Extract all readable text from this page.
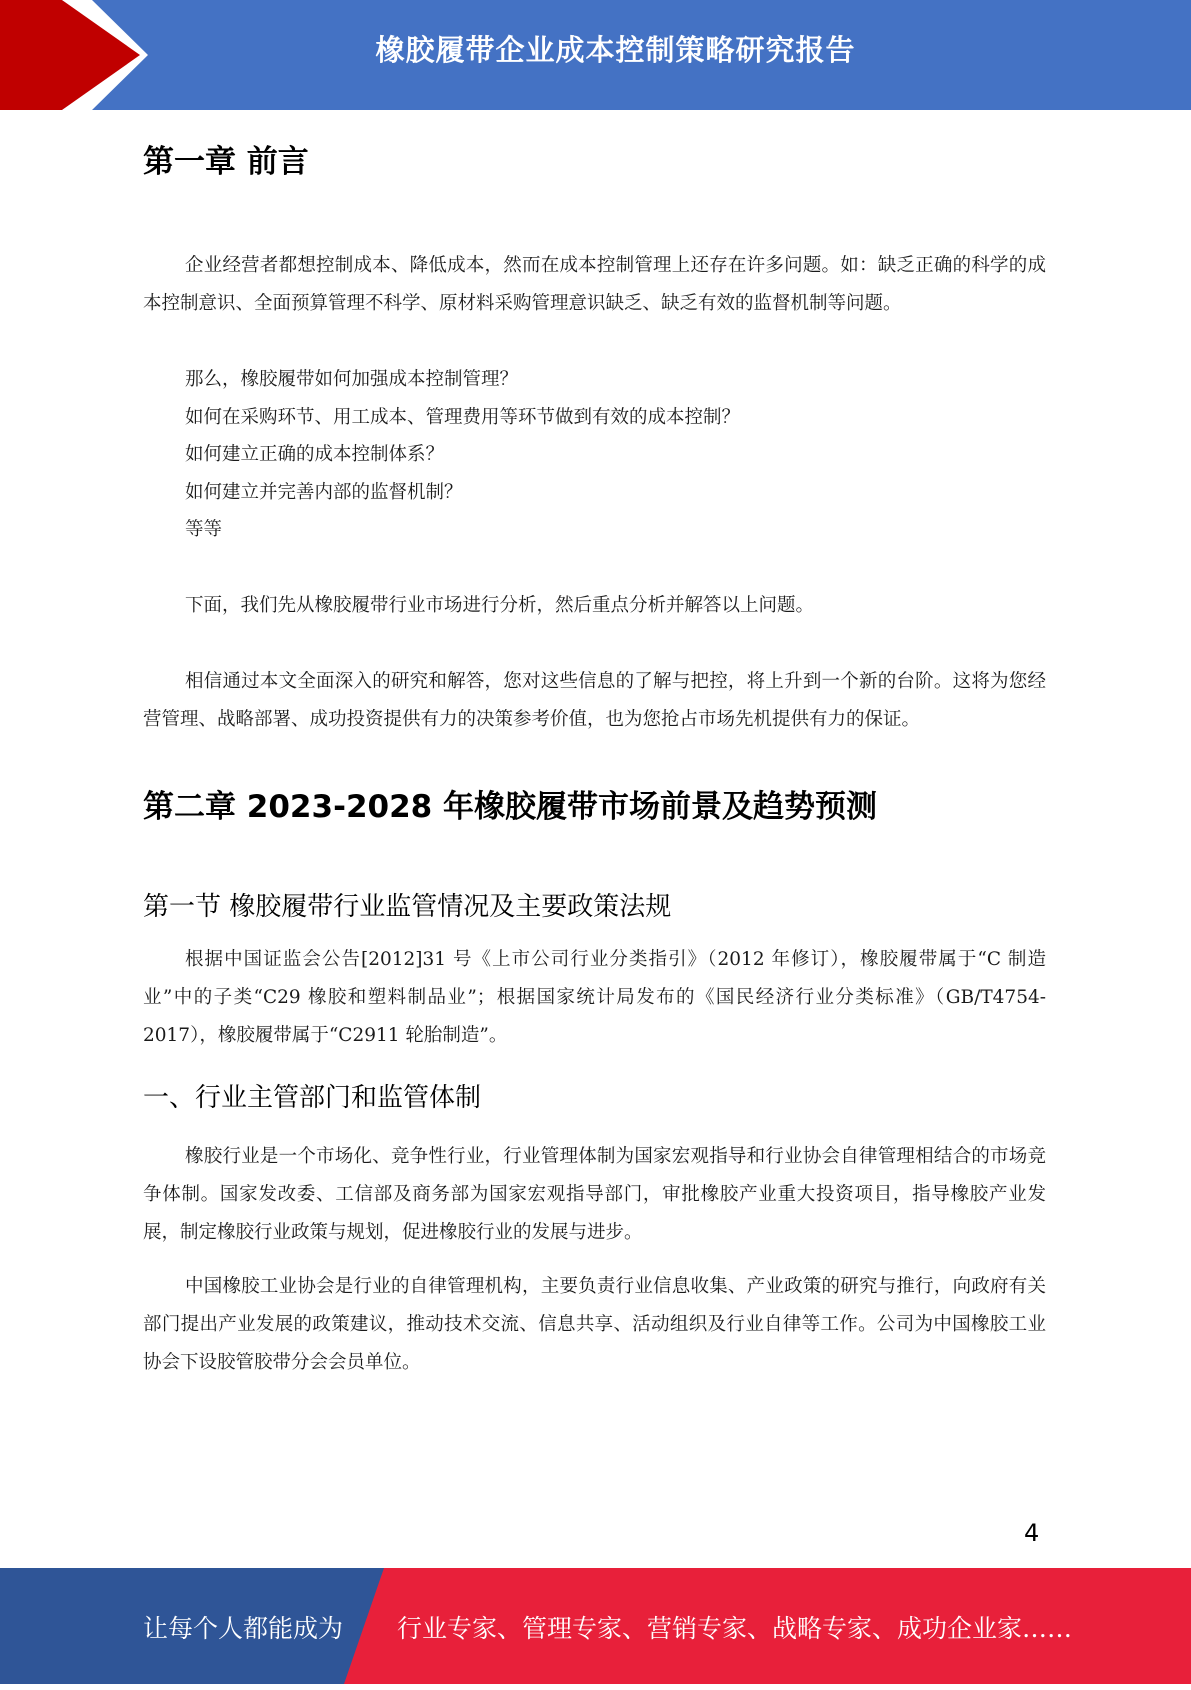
橡胶履带企业成本控制策略研究报告
第一章 前言

企业经营者都想控制成本、降低成本，然而在成本控制管理上还存在许多问题。如：缺乏正确的科学的成本控制意识、全面预算管理不科学、原材料采购管理意识缺乏、缺乏有效的监督机制等问题。

那么，橡胶履带如何加强成本控制管理？
如何在采购环节、用工成本、管理费用等环节做到有效的成本控制？
如何建立正确的成本控制体系？
如何建立并完善内部的监督机制？
等等

下面，我们先从橡胶履带行业市场进行分析，然后重点分析并解答以上问题。

相信通过本文全面深入的研究和解答，您对这些信息的了解与把控，将上升到一个新的台阶。这将为您经营管理、战略部署、成功投资提供有力的决策参考价值，也为您抢占市场先机提供有力的保证。

第二章 2023-2028 年橡胶履带市场前景及趋势预测
第一节 橡胶履带行业监管情况及主要政策法规

根据中国证监会公告[2012]31 号《上市公司行业分类指引》（2012 年修订），橡胶履带属于“C 制造业”中的子类“C29 橡胶和塑料制品业”；根据国家统计局发布的《国民经济行业分类标准》（GB/T4754-2017），橡胶履带属于“C2911 轮胎制造”。

一、行业主管部门和监管体制

橡胶行业是一个市场化、竞争性行业，行业管理体制为国家宏观指导和行业协会自律管理相结合的市场竞争体制。国家发改委、工信部及商务部为国家宏观指导部门，审批橡胶产业重大投资项目，指导橡胶产业发展，制定橡胶行业政策与规划，促进橡胶行业的发展与进步。

中国橡胶工业协会是行业的自律管理机构，主要负责行业信息收集、产业政策的研究与推行，向政府有关部门提出产业发展的政策建议，推动技术交流、信息共享、活动组织及行业自律等工作。公司为中国橡胶工业协会下设胶管胶带分会会员单位。

4
让每个人都能成为 行业专家、管理专家、营销专家、战略专家、成功企业家……
